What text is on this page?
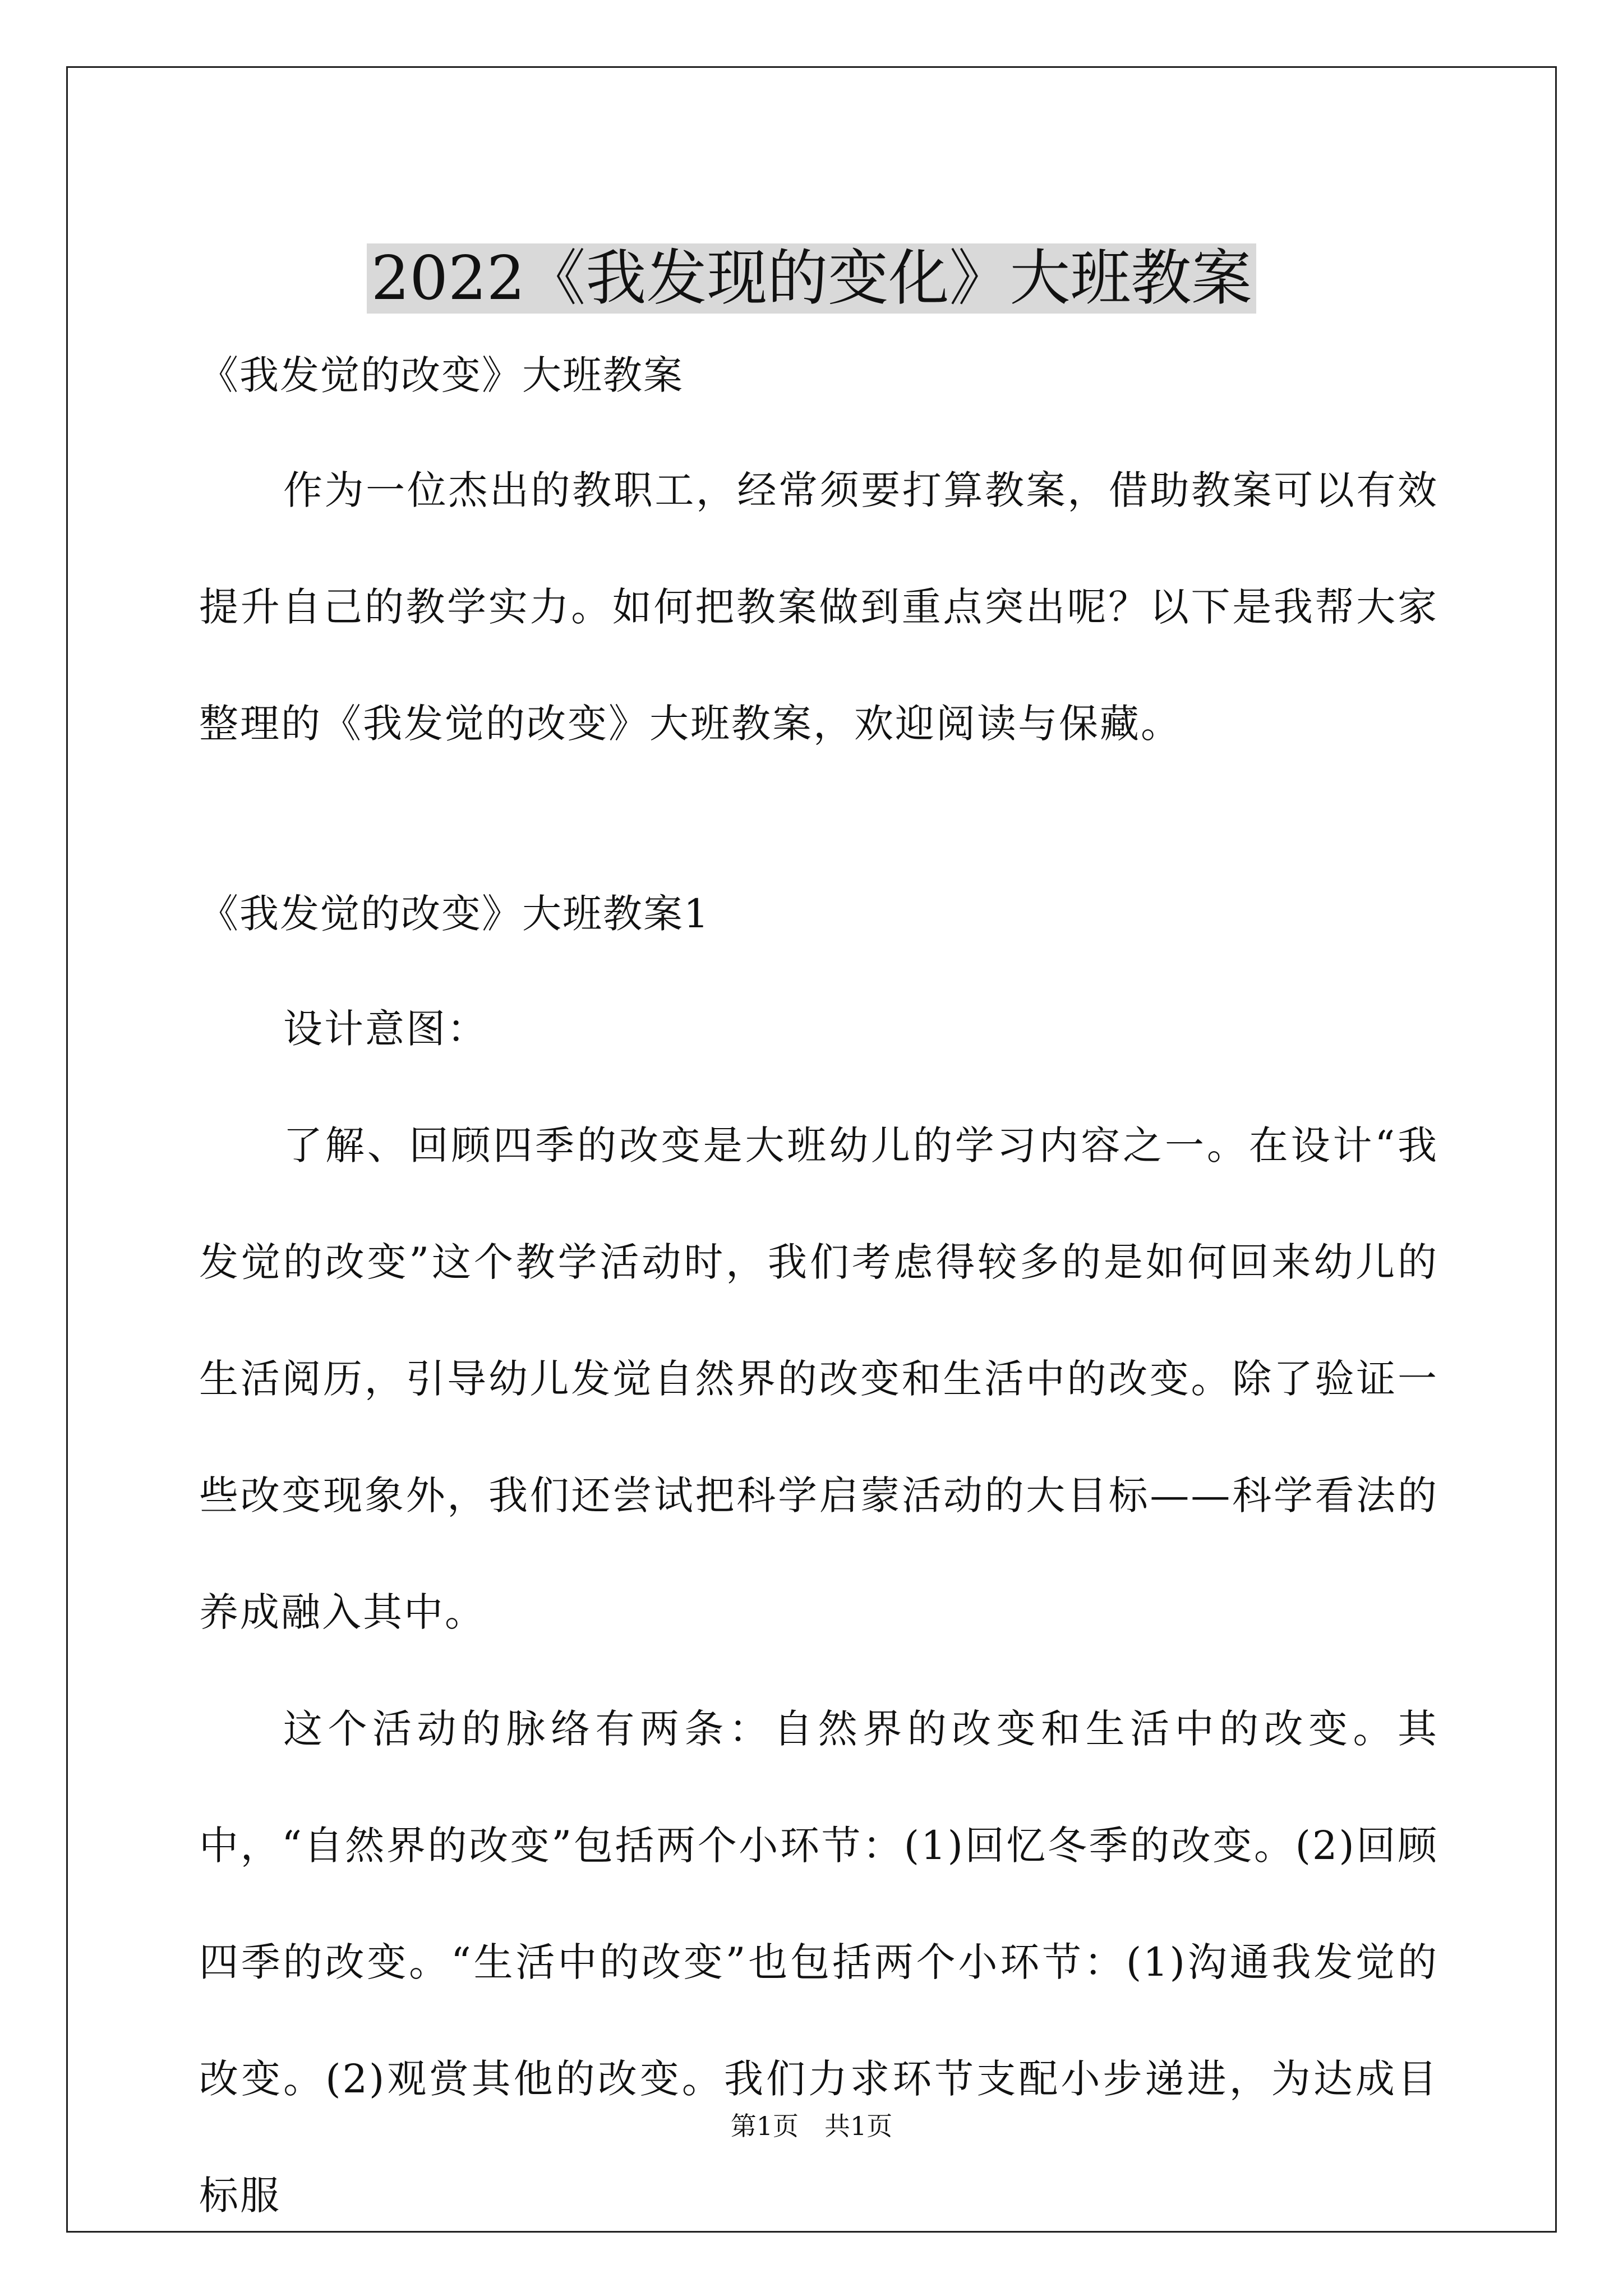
2022《我发现的变化》大班教案

《我发觉的改变》大班教案

作为一位杰出的教职工，经常须要打算教案，借助教案可以有效提升自己的教学实力。如何把教案做到重点突出呢？以下是我帮大家整理的《我发觉的改变》大班教案，欢迎阅读与保藏。

《我发觉的改变》大班教案1

设计意图：

了解、回顾四季的改变是大班幼儿的学习内容之一。在设计“我发觉的改变”这个教学活动时，我们考虑得较多的是如何回来幼儿的生活阅历，引导幼儿发觉自然界的改变和生活中的改变。除了验证一些改变现象外，我们还尝试把科学启蒙活动的大目标——科学看法的养成融入其中。

这个活动的脉络有两条：自然界的改变和生活中的改变。其中，“自然界的改变”包括两个小环节：(1)回忆冬季的改变。(2)回顾四季的改变。“生活中的改变”也包括两个小环节：(1)沟通我发觉的改变。(2)观赏其他的改变。我们力求环节支配小步递进，为达成目标服

第1页　共1页
